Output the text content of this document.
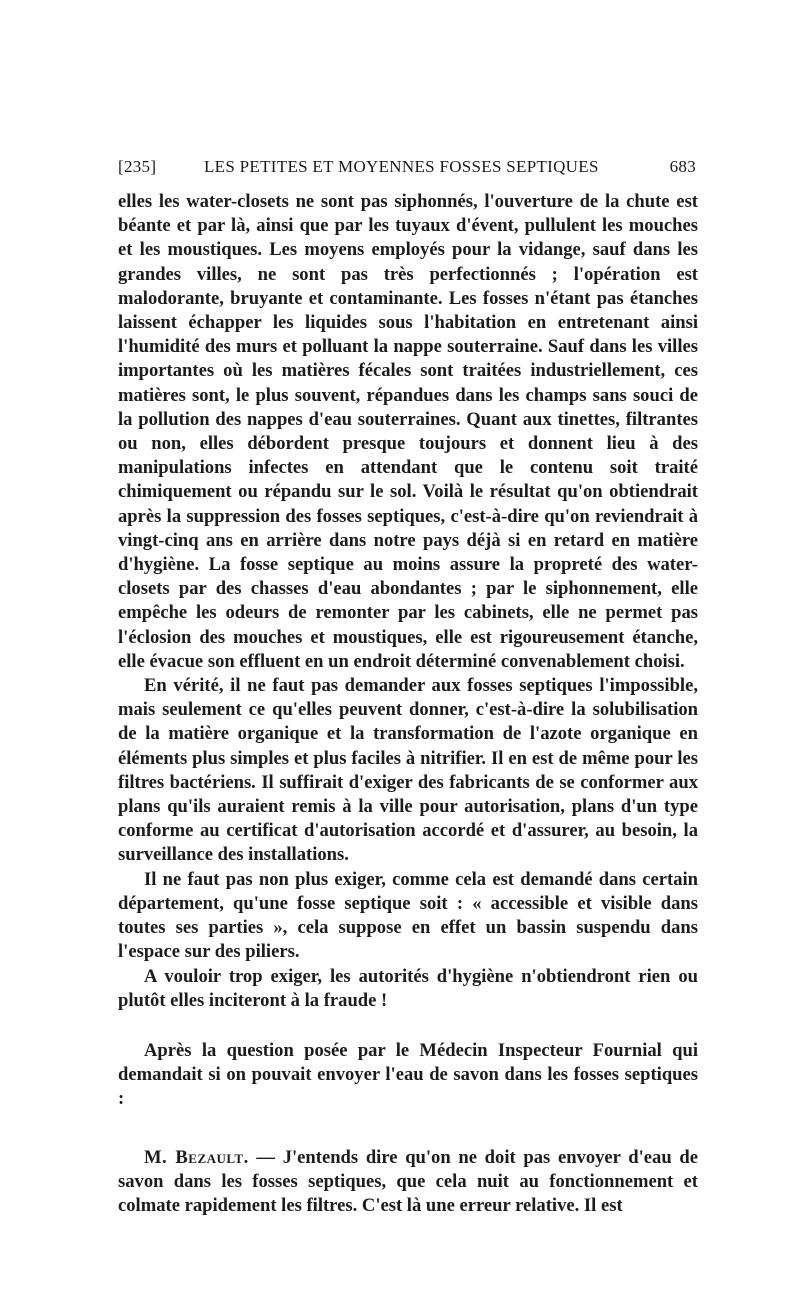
[235]	LES PETITES ET MOYENNES FOSSES SEPTIQUES	683

elles les water-closets ne sont pas siphonnés, l'ouverture de la chute est béante et par là, ainsi que par les tuyaux d'évent, pullulent les mouches et les moustiques. Les moyens employés pour la vidange, sauf dans les grandes villes, ne sont pas très perfectionnés ; l'opération est malodorante, bruyante et contaminante. Les fosses n'étant pas étanches laissent échapper les liquides sous l'habitation en entretenant ainsi l'humidité des murs et polluant la nappe souterraine. Sauf dans les villes importantes où les matières fécales sont traitées industriellement, ces matières sont, le plus souvent, répandues dans les champs sans souci de la pollution des nappes d'eau souterraines. Quant aux tinettes, filtrantes ou non, elles débordent presque toujours et donnent lieu à des manipulations infectes en attendant que le contenu soit traité chimiquement ou répandu sur le sol. Voilà le résultat qu'on obtiendrait après la suppression des fosses septiques, c'est-à-dire qu'on reviendrait à vingt-cinq ans en arrière dans notre pays déjà si en retard en matière d'hygiène. La fosse septique au moins assure la propreté des water-closets par des chasses d'eau abondantes ; par le siphonnement, elle empêche les odeurs de remonter par les cabinets, elle ne permet pas l'éclosion des mouches et moustiques, elle est rigoureusement étanche, elle évacue son effluent en un endroit déterminé convenablement choisi.

En vérité, il ne faut pas demander aux fosses septiques l'impossible, mais seulement ce qu'elles peuvent donner, c'est-à-dire la solubilisation de la matière organique et la transformation de l'azote organique en éléments plus simples et plus faciles à nitrifier. Il en est de même pour les filtres bactériens. Il suffirait d'exiger des fabricants de se conformer aux plans qu'ils auraient remis à la ville pour autorisation, plans d'un type conforme au certificat d'autorisation accordé et d'assurer, au besoin, la surveillance des installations.

Il ne faut pas non plus exiger, comme cela est demandé dans certain département, qu'une fosse septique soit : « accessible et visible dans toutes ses parties », cela suppose en effet un bassin suspendu dans l'espace sur des piliers.

A vouloir trop exiger, les autorités d'hygiène n'obtiendront rien ou plutôt elles inciteront à la fraude !

Après la question posée par le Médecin Inspecteur Fournial qui demandait si on pouvait envoyer l'eau de savon dans les fosses septiques :

M. Bezault. — J'entends dire qu'on ne doit pas envoyer d'eau de savon dans les fosses septiques, que cela nuit au fonctionnement et colmate rapidement les filtres. C'est là une erreur relative. Il est
